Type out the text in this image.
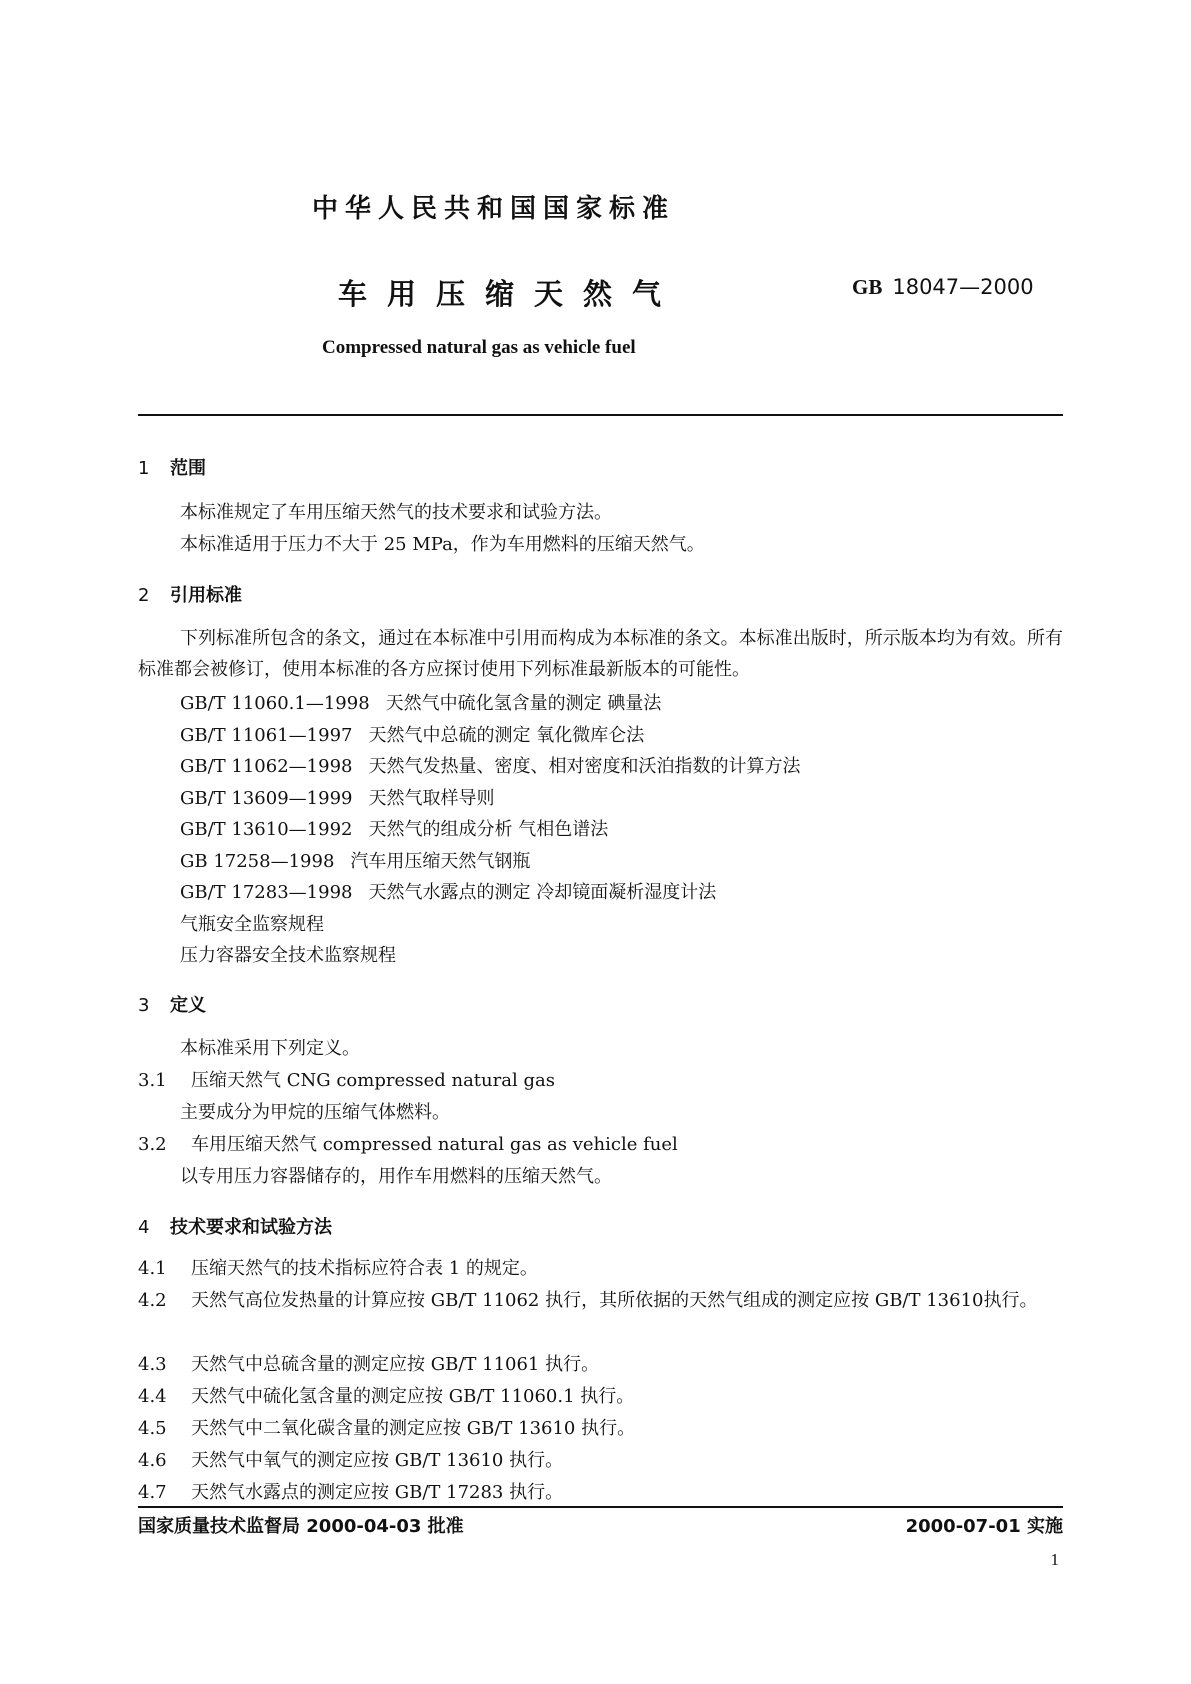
中华人民共和国国家标准
车用压缩天然气	GB 18047—2000
Compressed natural gas as vehicle fuel
1 范围
本标准规定了车用压缩天然气的技术要求和试验方法。
本标准适用于压力不大于 25 MPa，作为车用燃料的压缩天然气。
2 引用标准
下列标准所包含的条文，通过在本标准中引用而构成为本标准的条文。本标准出版时，所示版本均为有效。所有标准都会被修订，使用本标准的各方应探讨使用下列标准最新版本的可能性。
GB/T 11060.1—1998 天然气中硫化氢含量的测定 碘量法
GB/T 11061—1997 天然气中总硫的测定 氧化微库仑法
GB/T 11062—1998 天然气发热量、密度、相对密度和沃泊指数的计算方法
GB/T 13609—1999 天然气取样导则
GB/T 13610—1992 天然气的组成分析 气相色谱法
GB 17258—1998 汽车用压缩天然气钢瓶
GB/T 17283—1998 天然气水露点的测定 冷却镜面凝析湿度计法
气瓶安全监察规程
压力容器安全技术监察规程
3 定义
本标准采用下列定义。
3.1 压缩天然气 CNG compressed natural gas
主要成分为甲烷的压缩气体燃料。
3.2 车用压缩天然气 compressed natural gas as vehicle fuel
以专用压力容器储存的，用作车用燃料的压缩天然气。
4 技术要求和试验方法
4.1 压缩天然气的技术指标应符合表 1 的规定。
4.2 天然气高位发热量的计算应按 GB/T 11062 执行，其所依据的天然气组成的测定应按 GB/T 13610执行。
4.3 天然气中总硫含量的测定应按 GB/T 11061 执行。
4.4 天然气中硫化氢含量的测定应按 GB/T 11060.1 执行。
4.5 天然气中二氧化碳含量的测定应按 GB/T 13610 执行。
4.6 天然气中氧气的测定应按 GB/T 13610 执行。
4.7 天然气水露点的测定应按 GB/T 17283 执行。
国家质量技术监督局 2000-04-03 批准	2000-07-01 实施
1
